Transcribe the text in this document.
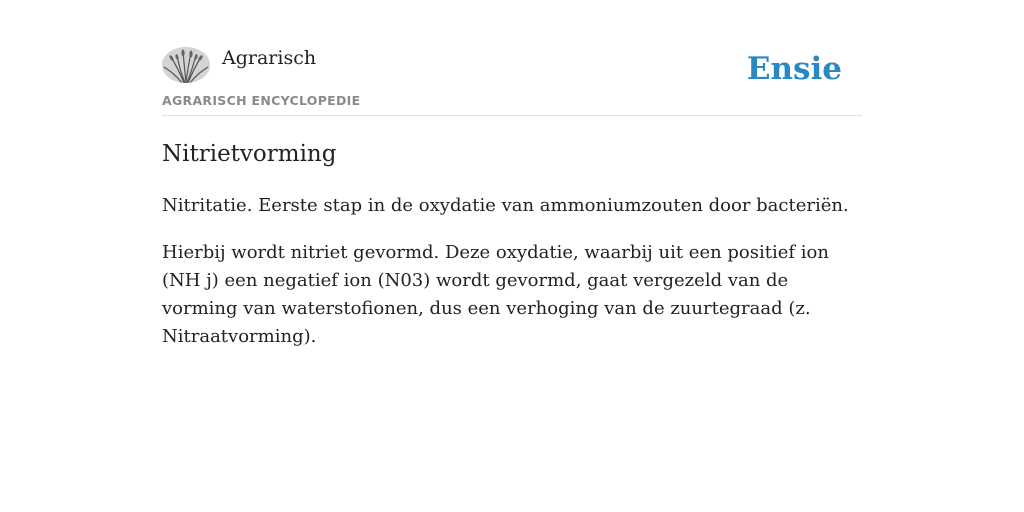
Agrarisch
AGRARISCH ENCYCLOPEDIE
Ensie
Nitrietvorming

Nitritatie. Eerste stap in de oxydatie van ammoniumzouten door bacteriën.

Hierbij wordt nitriet gevormd. Deze oxydatie, waarbij uit een positief ion (NH j) een negatief ion (N03) wordt gevormd, gaat vergezeld van de vorming van waterstofionen, dus een verhoging van de zuurtegraad (z. Nitraatvorming).
